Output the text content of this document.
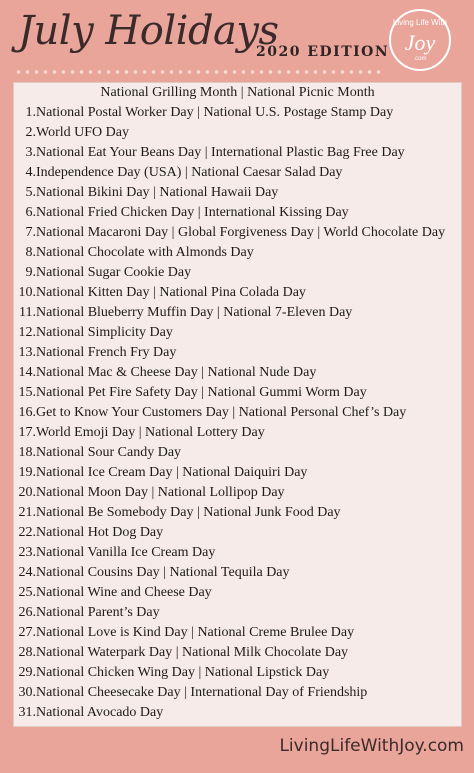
July Holidays
2020 EDITION
Living Life With
Joy
.com
National Grilling Month | National Picnic Month
1. National Postal Worker Day | National U.S. Postage Stamp Day
2. World UFO Day
3. National Eat Your Beans Day | International Plastic Bag Free Day
4. Independence Day (USA) | National Caesar Salad Day
5. National Bikini Day | National Hawaii Day
6. National Fried Chicken Day | International Kissing Day
7. National Macaroni Day | Global Forgiveness Day | World Chocolate Day
8. National Chocolate with Almonds Day
9. National Sugar Cookie Day
10. National Kitten Day | National Pina Colada Day
11. National Blueberry Muffin Day | National 7-Eleven Day
12. National Simplicity Day
13. National French Fry Day
14. National Mac & Cheese Day | National Nude Day
15. National Pet Fire Safety Day | National Gummi Worm Day
16. Get to Know Your Customers Day | National Personal Chef’s Day
17. World Emoji Day | National Lottery Day
18. National Sour Candy Day
19. National Ice Cream Day | National Daiquiri Day
20. National Moon Day | National Lollipop Day
21. National Be Somebody Day | National Junk Food Day
22. National Hot Dog Day
23. National Vanilla Ice Cream Day
24. National Cousins Day | National Tequila Day
25. National Wine and Cheese Day
26. National Parent’s Day
27. National Love is Kind Day | National Creme Brulee Day
28. National Waterpark Day | National Milk Chocolate Day
29. National Chicken Wing Day | National Lipstick Day
30. National Cheesecake Day | International Day of Friendship
31. National Avocado Day
LivingLifeWithJoy.com
